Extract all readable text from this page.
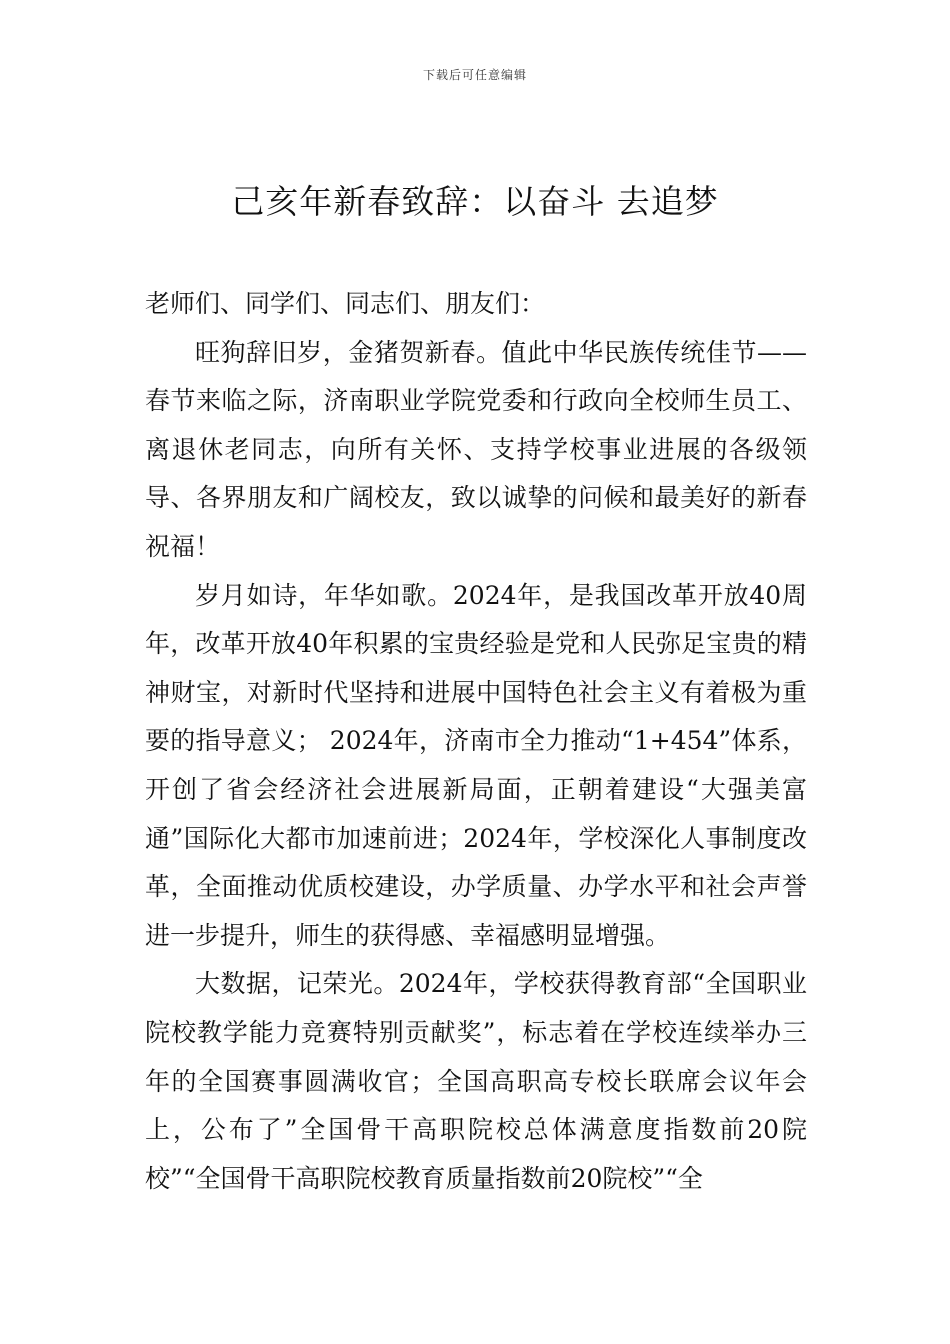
下载后可任意编辑
己亥年新春致辞：以奋斗 去追梦

老师们、同学们、同志们、朋友们：

旺狗辞旧岁，金猪贺新春。值此中华民族传统佳节——春节来临之际，济南职业学院党委和行政向全校师生员工、离退休老同志，向所有关怀、支持学校事业进展的各级领导、各界朋友和广阔校友，致以诚挚的问候和最美好的新春祝福！

岁月如诗，年华如歌。2024年，是我国改革开放40周年，改革开放40年积累的宝贵经验是党和人民弥足宝贵的精神财宝，对新时代坚持和进展中国特色社会主义有着极为重要的指导意义； 2024年，济南市全力推动“1+454”体系，开创了省会经济社会进展新局面，正朝着建设“大强美富通”国际化大都市加速前进；2024年，学校深化人事制度改革，全面推动优质校建设，办学质量、办学水平和社会声誉进一步提升，师生的获得感、幸福感明显增强。

大数据，记荣光。2024年，学校获得教育部“全国职业院校教学能力竞赛特别贡献奖”，标志着在学校连续举办三年的全国赛事圆满收官；全国高职高专校长联席会议年会上，公布了”全国骨干高职院校总体满意度指数前20院校”“全国骨干高职院校教育质量指数前20院校”“全
